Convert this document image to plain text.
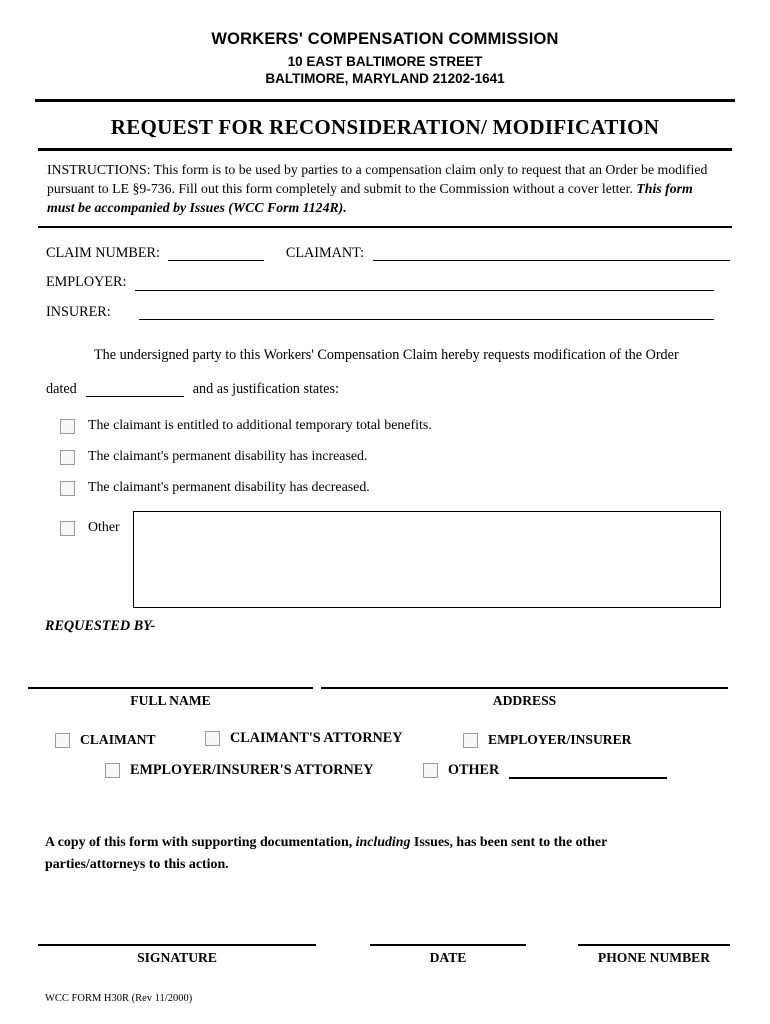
WORKERS' COMPENSATION COMMISSION
10 EAST BALTIMORE STREET
BALTIMORE, MARYLAND 21202-1641
REQUEST FOR RECONSIDERATION/ MODIFICATION
INSTRUCTIONS: This form is to be used by parties to a compensation claim only to request that an Order be modified pursuant to LE §9-736. Fill out this form completely and submit to the Commission without a cover letter. This form must be accompanied by Issues (WCC Form 1124R).
CLAIM NUMBER:	CLAIMANT:
EMPLOYER:
INSURER:
The undersigned party to this Workers' Compensation Claim hereby requests modification of the Order
dated	and as justification states:
The claimant is entitled to additional temporary total benefits.
The claimant's permanent disability has increased.
The claimant's permanent disability has decreased.
Other
REQUESTED BY-
FULL NAME	ADDRESS
CLAIMANT	CLAIMANT'S ATTORNEY	EMPLOYER/INSURER
EMPLOYER/INSURER'S ATTORNEY	OTHER
A copy of this form with supporting documentation, including Issues, has been sent to the other parties/attorneys to this action.
SIGNATURE	DATE	PHONE NUMBER
WCC FORM H30R (Rev 11/2000)
